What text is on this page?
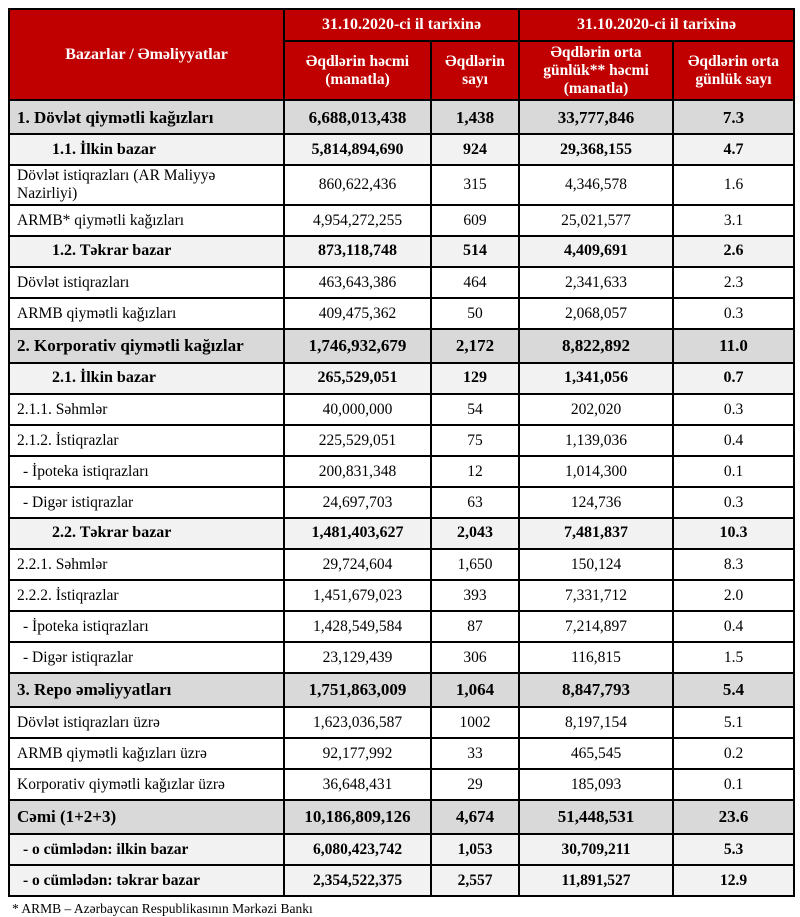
Bazarlar / Əməliyyatlar	31.10.2020-ci il tarixinə		31.10.2020-ci il tarixinə	
	Əqdlərin həcmi (manatla)	Əqdlərin sayı	Əqdlərin orta günlük** həcmi (manatla)	Əqdlərin orta günlük sayı
1. Dövlət qiymətli kağızları	6,688,013,438	1,438	33,777,846	7.3
1.1. İlkin bazar	5,814,894,690	924	29,368,155	4.7
Dövlət istiqrazları (AR Maliyyə Nazirliyi)	860,622,436	315	4,346,578	1.6
ARMB* qiymətli kağızları	4,954,272,255	609	25,021,577	3.1
1.2. Təkrar bazar	873,118,748	514	4,409,691	2.6
Dövlət istiqrazları	463,643,386	464	2,341,633	2.3
ARMB qiymətli kağızları	409,475,362	50	2,068,057	0.3
2. Korporativ qiymətli kağızlar	1,746,932,679	2,172	8,822,892	11.0
2.1. İlkin bazar	265,529,051	129	1,341,056	0.7
2.1.1. Səhmlər	40,000,000	54	202,020	0.3
2.1.2. İstiqrazlar	225,529,051	75	1,139,036	0.4
- İpoteka istiqrazları	200,831,348	12	1,014,300	0.1
- Digər istiqrazlar	24,697,703	63	124,736	0.3
2.2. Təkrar bazar	1,481,403,627	2,043	7,481,837	10.3
2.2.1. Səhmlər	29,724,604	1,650	150,124	8.3
2.2.2. İstiqrazlar	1,451,679,023	393	7,331,712	2.0
- İpoteka istiqrazları	1,428,549,584	87	7,214,897	0.4
- Digər istiqrazlar	23,129,439	306	116,815	1.5
3. Repo əməliyyatları	1,751,863,009	1,064	8,847,793	5.4
Dövlət istiqrazları üzrə	1,623,036,587	1002	8,197,154	5.1
ARMB qiymətli kağızları üzrə	92,177,992	33	465,545	0.2
Korporativ qiymətli kağızlar üzrə	36,648,431	29	185,093	0.1
Cəmi (1+2+3)	10,186,809,126	4,674	51,448,531	23.6
- o cümlədən: ilkin bazar	6,080,423,742	1,053	30,709,211	5.3
- o cümlədən: təkrar bazar	2,354,522,375	2,557	11,891,527	12.9
* ARMB – Azərbaycan Respublikasının Mərkəzi Bankı
